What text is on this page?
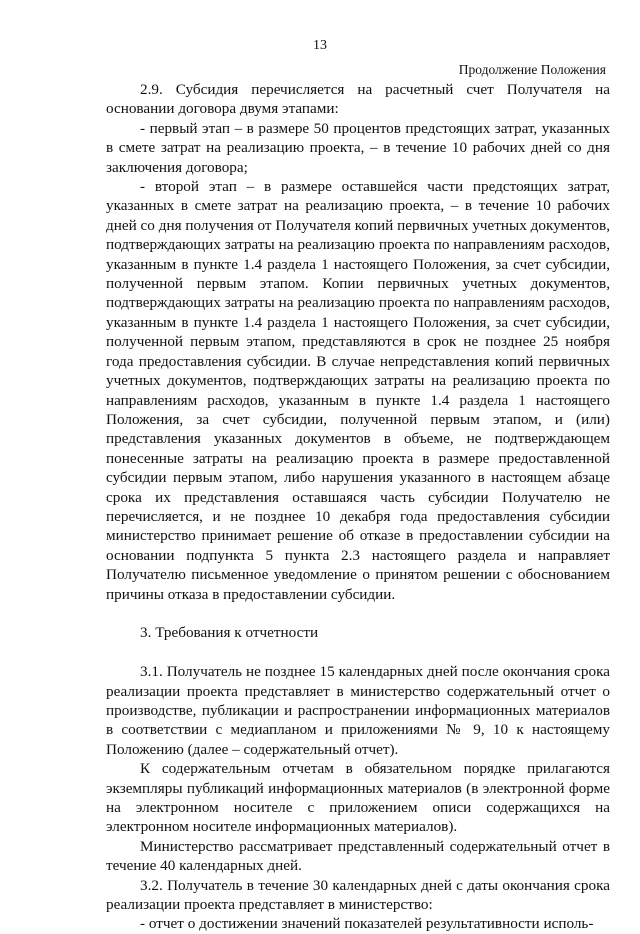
13
Продолжение Положения

2.9. Субсидия перечисляется на расчетный счет Получателя на основании договора двумя этапами:

- первый этап – в размере 50 процентов предстоящих затрат, указанных в смете затрат на реализацию проекта, – в течение 10 рабочих дней со дня заключения договора;

- второй этап – в размере оставшейся части предстоящих затрат, указанных в смете затрат на реализацию проекта, – в течение 10 рабочих дней со дня получения от Получателя копий первичных учетных документов, подтверждающих затраты на реализацию проекта по направлениям расходов, указанным в пункте 1.4 раздела 1 настоящего Положения, за счет субсидии, полученной первым этапом. Копии первичных учетных документов, подтверждающих затраты на реализацию проекта по направлениям расходов, указанным в пункте 1.4 раздела 1 настоящего Положения, за счет субсидии, полученной первым этапом, представляются в срок не позднее 25 ноября года предоставления субсидии. В случае непредставления копий первичных учетных документов, подтверждающих затраты на реализацию проекта по направлениям расходов, указанным в пункте 1.4 раздела 1 настоящего Положения, за счет субсидии, полученной первым этапом, и (или) представления указанных документов в объеме, не подтверждающем понесенные затраты на реализацию проекта в размере предоставленной субсидии первым этапом, либо нарушения указанного в настоящем абзаце срока их представления оставшаяся часть субсидии Получателю не перечисляется, и не позднее 10 декабря года предоставления субсидии министерство принимает решение об отказе в предоставлении субсидии на основании подпункта 5 пункта 2.3 настоящего раздела и направляет Получателю письменное уведомление о принятом решении с обоснованием причины отказа в предоставлении субсидии.

3. Требования к отчетности

3.1. Получатель не позднее 15 календарных дней после окончания срока реализации проекта представляет в министерство содержательный отчет о производстве, публикации и распространении информационных материалов в соответствии с медиапланом и приложениями № 9, 10 к настоящему Положению (далее – содержательный отчет).

К содержательным отчетам в обязательном порядке прилагаются экземпляры публикаций информационных материалов (в электронной форме на электронном носителе с приложением описи содержащихся на электронном носителе информационных материалов).

Министерство рассматривает представленный содержательный отчет в течение 40 календарных дней.

3.2. Получатель в течение 30 календарных дней с даты окончания срока реализации проекта представляет в министерство:

- отчет о достижении значений показателей результативности исполь-
